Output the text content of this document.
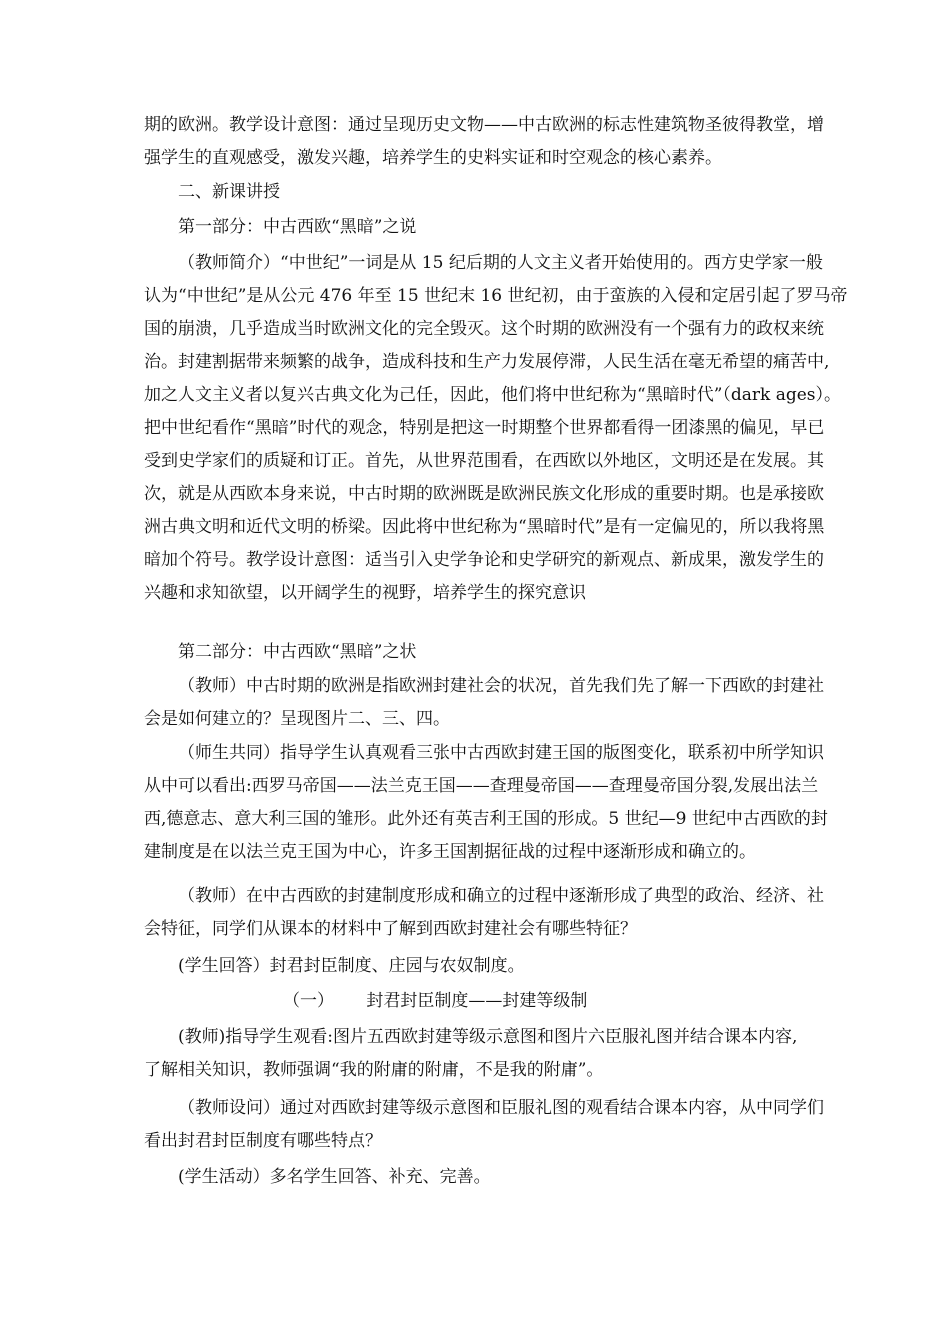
期的欧洲。教学设计意图：通过呈现历史文物——中古欧洲的标志性建筑物圣彼得教堂，增
强学生的直观感受，激发兴趣，培养学生的史料实证和时空观念的核心素养。

二、新课讲授

第一部分：中古西欧“黑暗”之说

（教师简介）“中世纪”一词是从 15 纪后期的人文主义者开始使用的。西方史学家一般
认为“中世纪”是从公元 476 年至 15 世纪末 16 世纪初，由于蛮族的入侵和定居引起了罗马帝
国的崩溃，几乎造成当时欧洲文化的完全毁灭。这个时期的欧洲没有一个强有力的政权来统
治。封建割据带来频繁的战争，造成科技和生产力发展停滞，人民生活在毫无希望的痛苦中,
加之人文主义者以复兴古典文化为己任，因此，他们将中世纪称为“黑暗时代”（dark ages）。
把中世纪看作“黑暗”时代的观念，特别是把这一时期整个世界都看得一团漆黑的偏见，早已
受到史学家们的质疑和订正。首先，从世界范围看，在西欧以外地区，文明还是在发展。其
次，就是从西欧本身来说，中古时期的欧洲既是欧洲民族文化形成的重要时期。也是承接欧
洲古典文明和近代文明的桥梁。因此将中世纪称为“黑暗时代”是有一定偏见的，所以我将黑
暗加个符号。教学设计意图：适当引入史学争论和史学研究的新观点、新成果，激发学生的
兴趣和求知欲望，以开阔学生的视野，培养学生的探究意识

第二部分：中古西欧“黑暗”之状

（教师）中古时期的欧洲是指欧洲封建社会的状况，首先我们先了解一下西欧的封建社
会是如何建立的？呈现图片二、三、四。
（师生共同）指导学生认真观看三张中古西欧封建王国的版图变化，联系初中所学知识
从中可以看出:西罗马帝国——法兰克王国——查理曼帝国——查理曼帝国分裂,发展出法兰
西,德意志、意大利三国的雏形。此外还有英吉利王国的形成。5 世纪—9 世纪中古西欧的封
建制度是在以法兰克王国为中心，许多王国割据征战的过程中逐渐形成和确立的。
（教师）在中古西欧的封建制度形成和确立的过程中逐渐形成了典型的政治、经济、社
会特征，同学们从课本的材料中了解到西欧封建社会有哪些特征？

(学生回答）封君封臣制度、庄园与农奴制度。

（一）      封君封臣制度——封建等级制

(教师)指导学生观看:图片五西欧封建等级示意图和图片六臣服礼图并结合课本内容,
了解相关知识，教师强调“我的附庸的附庸，不是我的附庸”。
（教师设问）通过对西欧封建等级示意图和臣服礼图的观看结合课本内容，从中同学们
看出封君封臣制度有哪些特点？

(学生活动）多名学生回答、补充、完善。
